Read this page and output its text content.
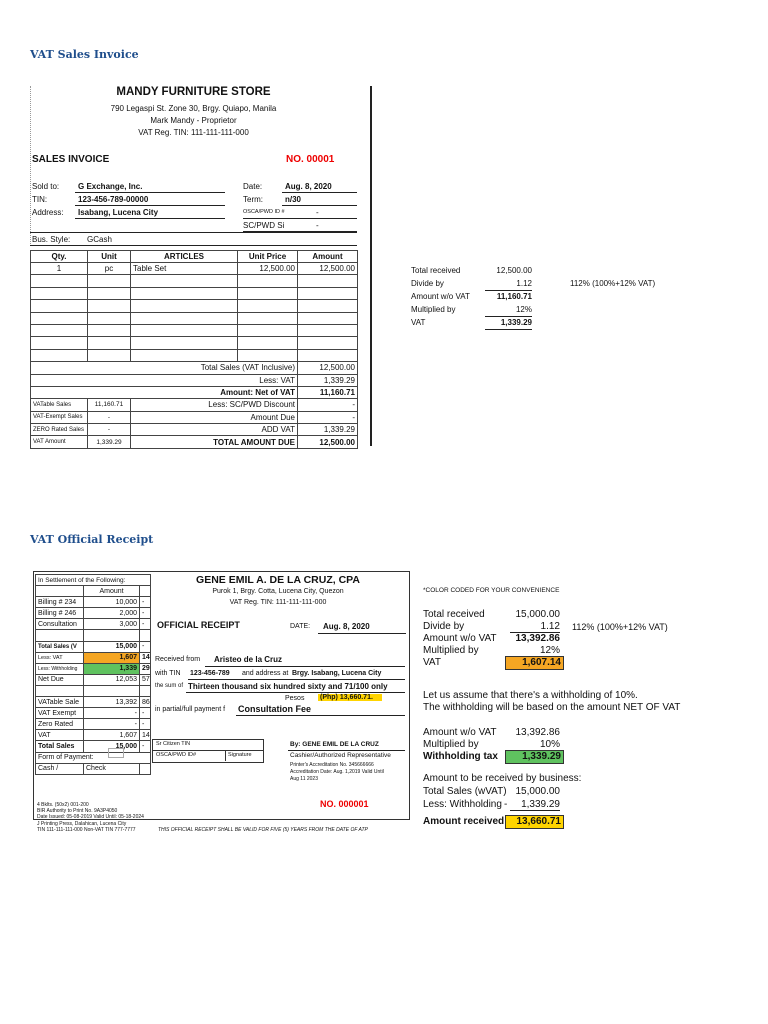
VAT Sales Invoice
MANDY FURNITURE STORE
790 Legaspi St. Zone 30, Brgy. Quiapo, Manila
Mark Mandy - Proprietor
VAT Reg. TIN: 111-111-111-000
SALES INVOICE	NO. 00001
Sold to: G Exchange, Inc.
TIN:	123-456-789-00000
Address: Isabang, Lucena City
Date:	Aug. 8, 2020
Term:	n/30
OSCA/PWD ID #	-
SC/PWD Si	-
Bus. Style: GCash
Qty.	Unit	ARTICLES	Unit Price	Amount
1	pc	Table Set	12,500.00	12,500.00

Total Sales (VAT Inclusive)				12,500.00
Less: VAT				1,339.29
Amount: Net of VAT				11,160.71
VATable Sales	11,160.71	Less: SC/PWD Discount		-
VAT-Exempt Sales	-	Amount Due		-
ZERO Rated Sales	-	ADD VAT		1,339.29
VAT Amount	1,339.29	TOTAL AMOUNT DUE		12,500.00
Total received	12,500.00
Divide by	1.12	112% (100%+12% VAT)
Amount w/o VAT	11,160.71
Multiplied by	12%
VAT	1,339.29
VAT Official Receipt
In Settlement of the Following:		
	Amount	
Billing # 234	10,000	-
Billing # 246	2,000	-
Consultation	3,000	-

Total Sales (V	15,000	-
Less: VAT	1,607	14
Less: Withholding	1,339	29
Net Due	12,053	57

VATable Sale	13,392	86
VAT Exempt	-	-
Zero Rated	-	-
VAT	1,607	14
Total Sales	15,000	-
Form of Payment:		
Cash /	Check	
GENE EMIL A. DE LA CRUZ, CPA
Purok 1, Brgy. Cotta, Lucena City, Quezon
VAT Reg. TIN: 111-111-111-000
OFFICIAL RECEIPT	DATE: Aug. 8, 2020
Received from Aristeo de la Cruz
with TIN 123-456-789 and address at Brgy. Isabang, Lucena City
the sum of Thirteen thousand six hundred sixty and 71/100 only
Pesos (Php) 13,660.71.
in partial/full payment f Consultation Fee
Sr Citizen TIN
OSCA/PWD ID#	Signature
By: GENE EMIL DE LA CRUZ
Cashier/Authorized Representative
Printer's Accreditation No. 345666666
Accreditation Date: Aug. 1,2019 Valid Until
Aug 11 2023
NO. 000001
4 Bklts. (50x2) 001-200
BIR Authority to Print No. 9A3P4050
Date Issued: 05-08-2019 Valid Until: 05-18-2024
J Printing Press, Dalahican, Lucena City
TIN 111-111-111-000 Non-VAT TIN 777-7777	THIS OFFICIAL RECEIPT SHALL BE VALID FOR FIVE (5) YEARS FROM THE DATE OF ATP
*COLOR CODED FOR YOUR CONVENIENCE
Total received	15,000.00
Divide by	1.12 112% (100%+12% VAT)
Amount w/o VAT	13,392.86
Multiplied by	12%
VAT	1,607.14
Let us assume that there's a withholding of 10%.
The withholding will be based on the amount NET OF VAT
Amount w/o VAT	13,392.86
Multiplied by	10%
Withholding tax	1,339.29
Amount to be received by business:
Total Sales (wVAT) 15,000.00
Less: Withholding -	1,339.29
Amount received	13,660.71
